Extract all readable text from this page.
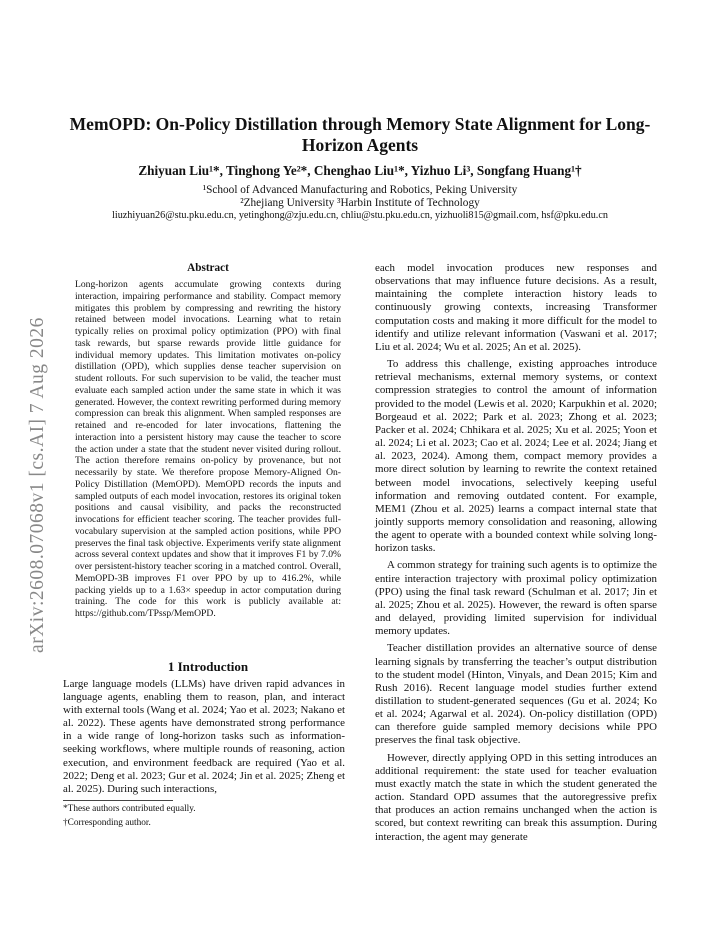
arXiv:2608.07068v1 [cs.AI] 7 Aug 2026
MemOPD: On-Policy Distillation through Memory State Alignment for Long-Horizon Agents
Zhiyuan Liu¹*, Tinghong Ye²*, Chenghao Liu¹*, Yizhuo Li³, Songfang Huang¹†
¹School of Advanced Manufacturing and Robotics, Peking University
²Zhejiang University ³Harbin Institute of Technology
liuzhiyuan26@stu.pku.edu.cn, yetinghong@zju.edu.cn, chliu@stu.pku.edu.cn, yizhuoli815@gmail.com, hsf@pku.edu.cn
Abstract
Long-horizon agents accumulate growing contexts during interaction, impairing performance and stability. Compact memory mitigates this problem by compressing and rewriting the history retained between model invocations. Learning what to retain typically relies on proximal policy optimization (PPO) with final task rewards, but sparse rewards provide little guidance for individual memory updates. This limitation motivates on-policy distillation (OPD), which supplies dense teacher supervision on student rollouts. For such supervision to be valid, the teacher must evaluate each sampled action under the same state in which it was generated. However, the context rewriting performed during memory compression can break this alignment. When sampled responses are retained and re-encoded for later invocations, flattening the interaction into a persistent history may cause the teacher to score the action under a state that the student never visited during rollout. The action therefore remains on-policy by provenance, but not necessarily by state. We therefore propose Memory-Aligned On-Policy Distillation (MemOPD). MemOPD records the inputs and sampled outputs of each model invocation, restores its original token positions and causal visibility, and packs the reconstructed invocations for efficient teacher scoring. The teacher provides full-vocabulary supervision at the sampled action positions, while PPO preserves the final task objective. Experiments verify state alignment across several context updates and show that it improves F1 by 7.0% over persistent-history teacher scoring in a matched control. Overall, MemOPD-3B improves F1 over PPO by up to 416.2%, while packing yields up to a 1.63× speedup in actor computation during training. The code for this work is publicly available at: https://github.com/TPssp/MemOPD.
1 Introduction
Large language models (LLMs) have driven rapid advances in language agents, enabling them to reason, plan, and interact with external tools (Wang et al. 2024; Yao et al. 2023; Nakano et al. 2022). These agents have demonstrated strong performance in a wide range of long-horizon tasks such as information-seeking workflows, where multiple rounds of reasoning, action execution, and environment feedback are required (Yao et al. 2022; Deng et al. 2023; Gur et al. 2024; Jin et al. 2025; Zheng et al. 2025). During such interactions,
*These authors contributed equally.
†Corresponding author.

each model invocation produces new responses and observations that may influence future decisions. As a result, maintaining the complete interaction history leads to continuously growing contexts, increasing Transformer computation costs and making it more difficult for the model to identify and utilize relevant information (Vaswani et al. 2017; Liu et al. 2024; Wu et al. 2025; An et al. 2025).

To address this challenge, existing approaches introduce retrieval mechanisms, external memory systems, or context compression strategies to control the amount of information provided to the model (Lewis et al. 2020; Karpukhin et al. 2020; Borgeaud et al. 2022; Park et al. 2023; Zhong et al. 2023; Packer et al. 2024; Chhikara et al. 2025; Xu et al. 2025; Yoon et al. 2024; Li et al. 2023; Cao et al. 2024; Lee et al. 2024; Jiang et al. 2023, 2024). Among them, compact memory provides a more direct solution by learning to rewrite the context retained between model invocations, selectively keeping useful information and removing outdated content. For example, MEM1 (Zhou et al. 2025) learns a compact internal state that jointly supports memory consolidation and reasoning, allowing the agent to operate with a bounded context while solving long-horizon tasks.

A common strategy for training such agents is to optimize the entire interaction trajectory with proximal policy optimization (PPO) using the final task reward (Schulman et al. 2017; Jin et al. 2025; Zhou et al. 2025). However, the reward is often sparse and delayed, providing limited supervision for individual memory updates.

Teacher distillation provides an alternative source of dense learning signals by transferring the teacher’s output distribution to the student model (Hinton, Vinyals, and Dean 2015; Kim and Rush 2016). Recent language model studies further extend distillation to student-generated sequences (Gu et al. 2024; Ko et al. 2024; Agarwal et al. 2024). On-policy distillation (OPD) can therefore guide sampled memory decisions while PPO preserves the final task objective.

However, directly applying OPD in this setting introduces an additional requirement: the state used for teacher evaluation must exactly match the state in which the student generated the action. Standard OPD assumes that the autoregressive prefix that produces an action remains unchanged when the action is scored, but context rewriting can break this assumption. During interaction, the agent may generate
